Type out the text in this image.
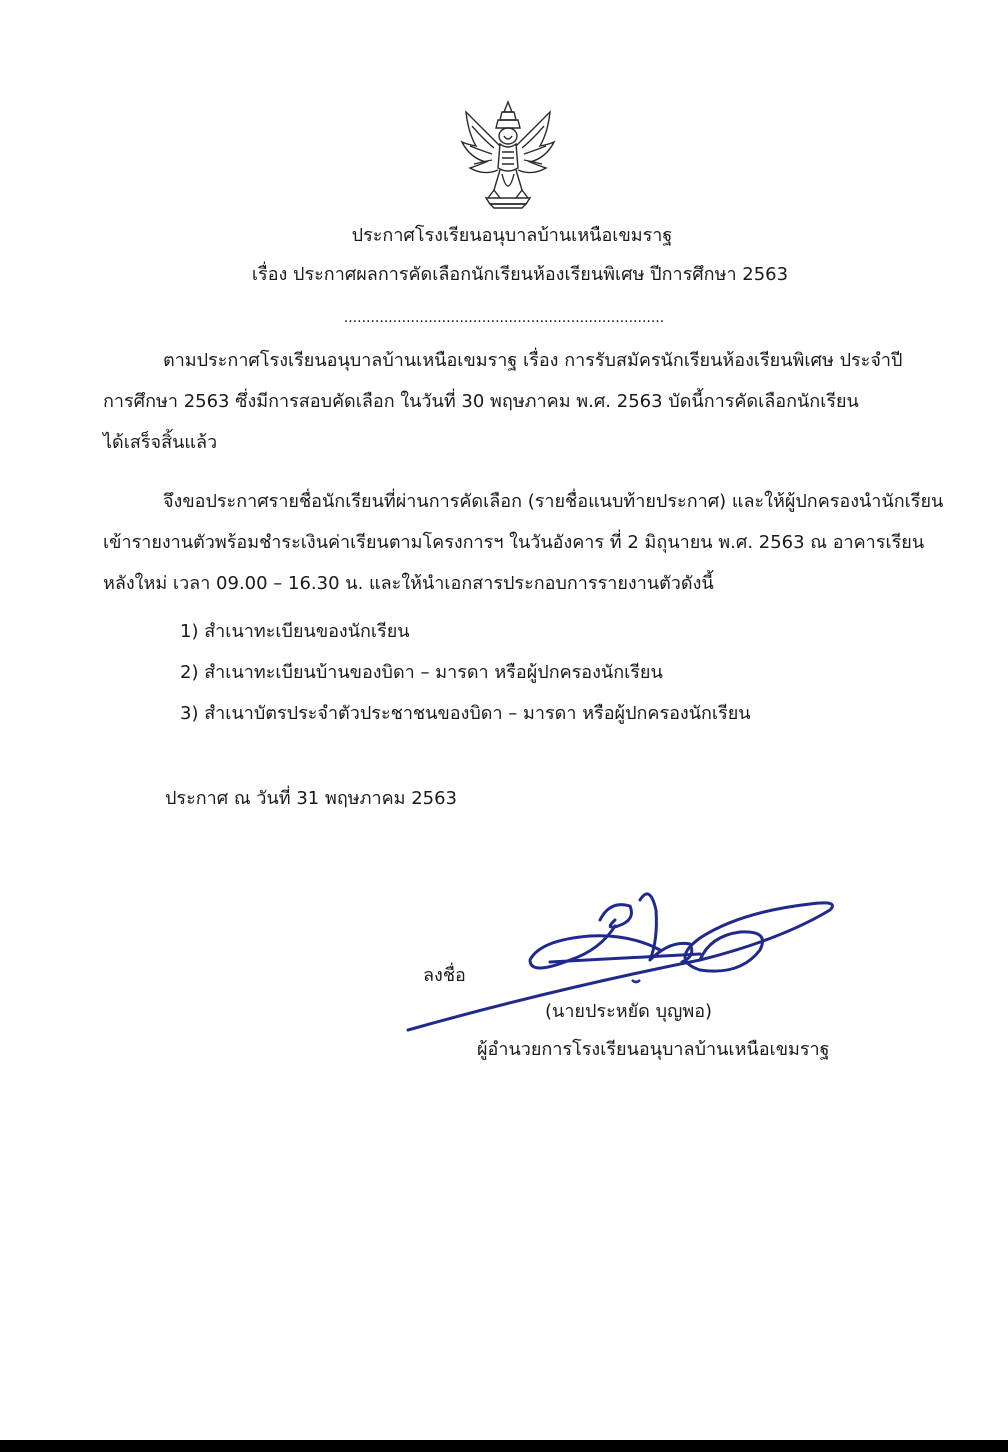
ประกาศโรงเรียนอนุบาลบ้านเหนือเขมราฐ
เรื่อง ประกาศผลการคัดเลือกนักเรียนห้องเรียนพิเศษ ปีการศึกษา 2563
........................................................................
ตามประกาศโรงเรียนอนุบาลบ้านเหนือเขมราฐ เรื่อง การรับสมัครนักเรียนห้องเรียนพิเศษ ประจำปี
การศึกษา 2563 ซึ่งมีการสอบคัดเลือก ในวันที่ 30 พฤษภาคม พ.ศ. 2563 บัดนี้การคัดเลือกนักเรียน
ได้เสร็จสิ้นแล้ว
จึงขอประกาศรายชื่อนักเรียนที่ผ่านการคัดเลือก (รายชื่อแนบท้ายประกาศ) และให้ผู้ปกครองนำนักเรียน
เข้ารายงานตัวพร้อมชำระเงินค่าเรียนตามโครงการฯ ในวันอังคาร ที่ 2 มิถุนายน พ.ศ. 2563 ณ อาคารเรียน
หลังใหม่ เวลา 09.00 – 16.30 น. และให้นำเอกสารประกอบการรายงานตัวดังนี้
1) สำเนาทะเบียนของนักเรียน
2) สำเนาทะเบียนบ้านของบิดา – มารดา หรือผู้ปกครองนักเรียน
3) สำเนาบัตรประจำตัวประชาชนของบิดา – มารดา หรือผู้ปกครองนักเรียน
ประกาศ ณ วันที่ 31 พฤษภาคม 2563
ลงชื่อ
(นายประหยัด บุญพอ)
ผู้อำนวยการโรงเรียนอนุบาลบ้านเหนือเขมราฐ
